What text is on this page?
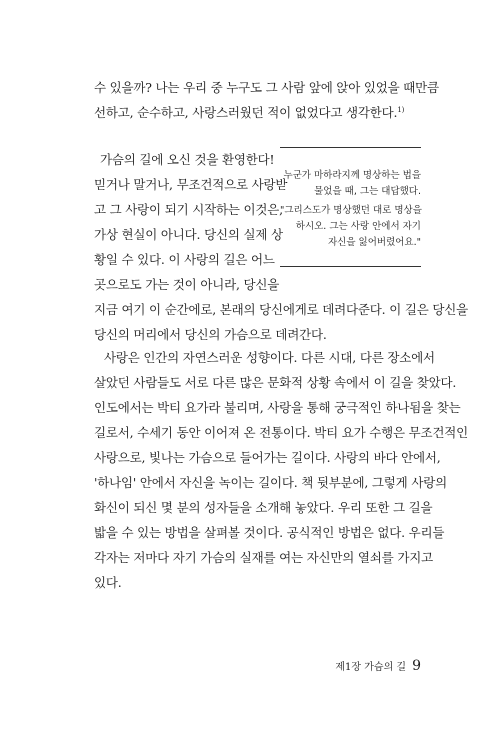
수 있을까? 나는 우리 중 누구도 그 사람 앞에 앉아 있었을 때만큼
선하고, 순수하고, 사랑스러웠던 적이 없었다고 생각한다.$^{1)}$
가슴의 길에 오신 것을 환영한다!
믿거나 말거나, 무조건적으로 사랑받
고 그 사랑이 되기 시작하는 이것은,
가상 현실이 아니다. 당신의 실제 상
황일 수 있다. 이 사랑의 길은 어느
곳으로도 가는 것이 아니라, 당신을
지금 여기 이 순간에로, 본래의 당신에게로 데려다준다. 이 길은 당신을
당신의 머리에서 당신의 가슴으로 데려간다.
누군가 마하라지께 명상하는 법을
물었을 때, 그는 대답했다.
"그리스도가 명상했던 대로 명상을
하시오. 그는 사랑 안에서 자기
자신을 잃어버렸어요."
사랑은 인간의 자연스러운 성향이다. 다른 시대, 다른 장소에서
살았던 사람들도 서로 다른 많은 문화적 상황 속에서 이 길을 찾았다.
인도에서는 박티 요가라 불리며, 사랑을 통해 궁극적인 하나됨을 찾는
길로서, 수세기 동안 이어져 온 전통이다. 박티 요가 수행은 무조건적인
사랑으로, 빛나는 가슴으로 들어가는 길이다. 사랑의 바다 안에서,
'하나임' 안에서 자신을 녹이는 길이다. 책 뒷부분에, 그렇게 사랑의
화신이 되신 몇 분의 성자들을 소개해 놓았다. 우리 또한 그 길을
밟을 수 있는 방법을 살펴볼 것이다. 공식적인 방법은 없다. 우리들
각자는 저마다 자기 가슴의 실재를 여는 자신만의 열쇠를 가지고
있다.
제1장 가슴의 길 9
